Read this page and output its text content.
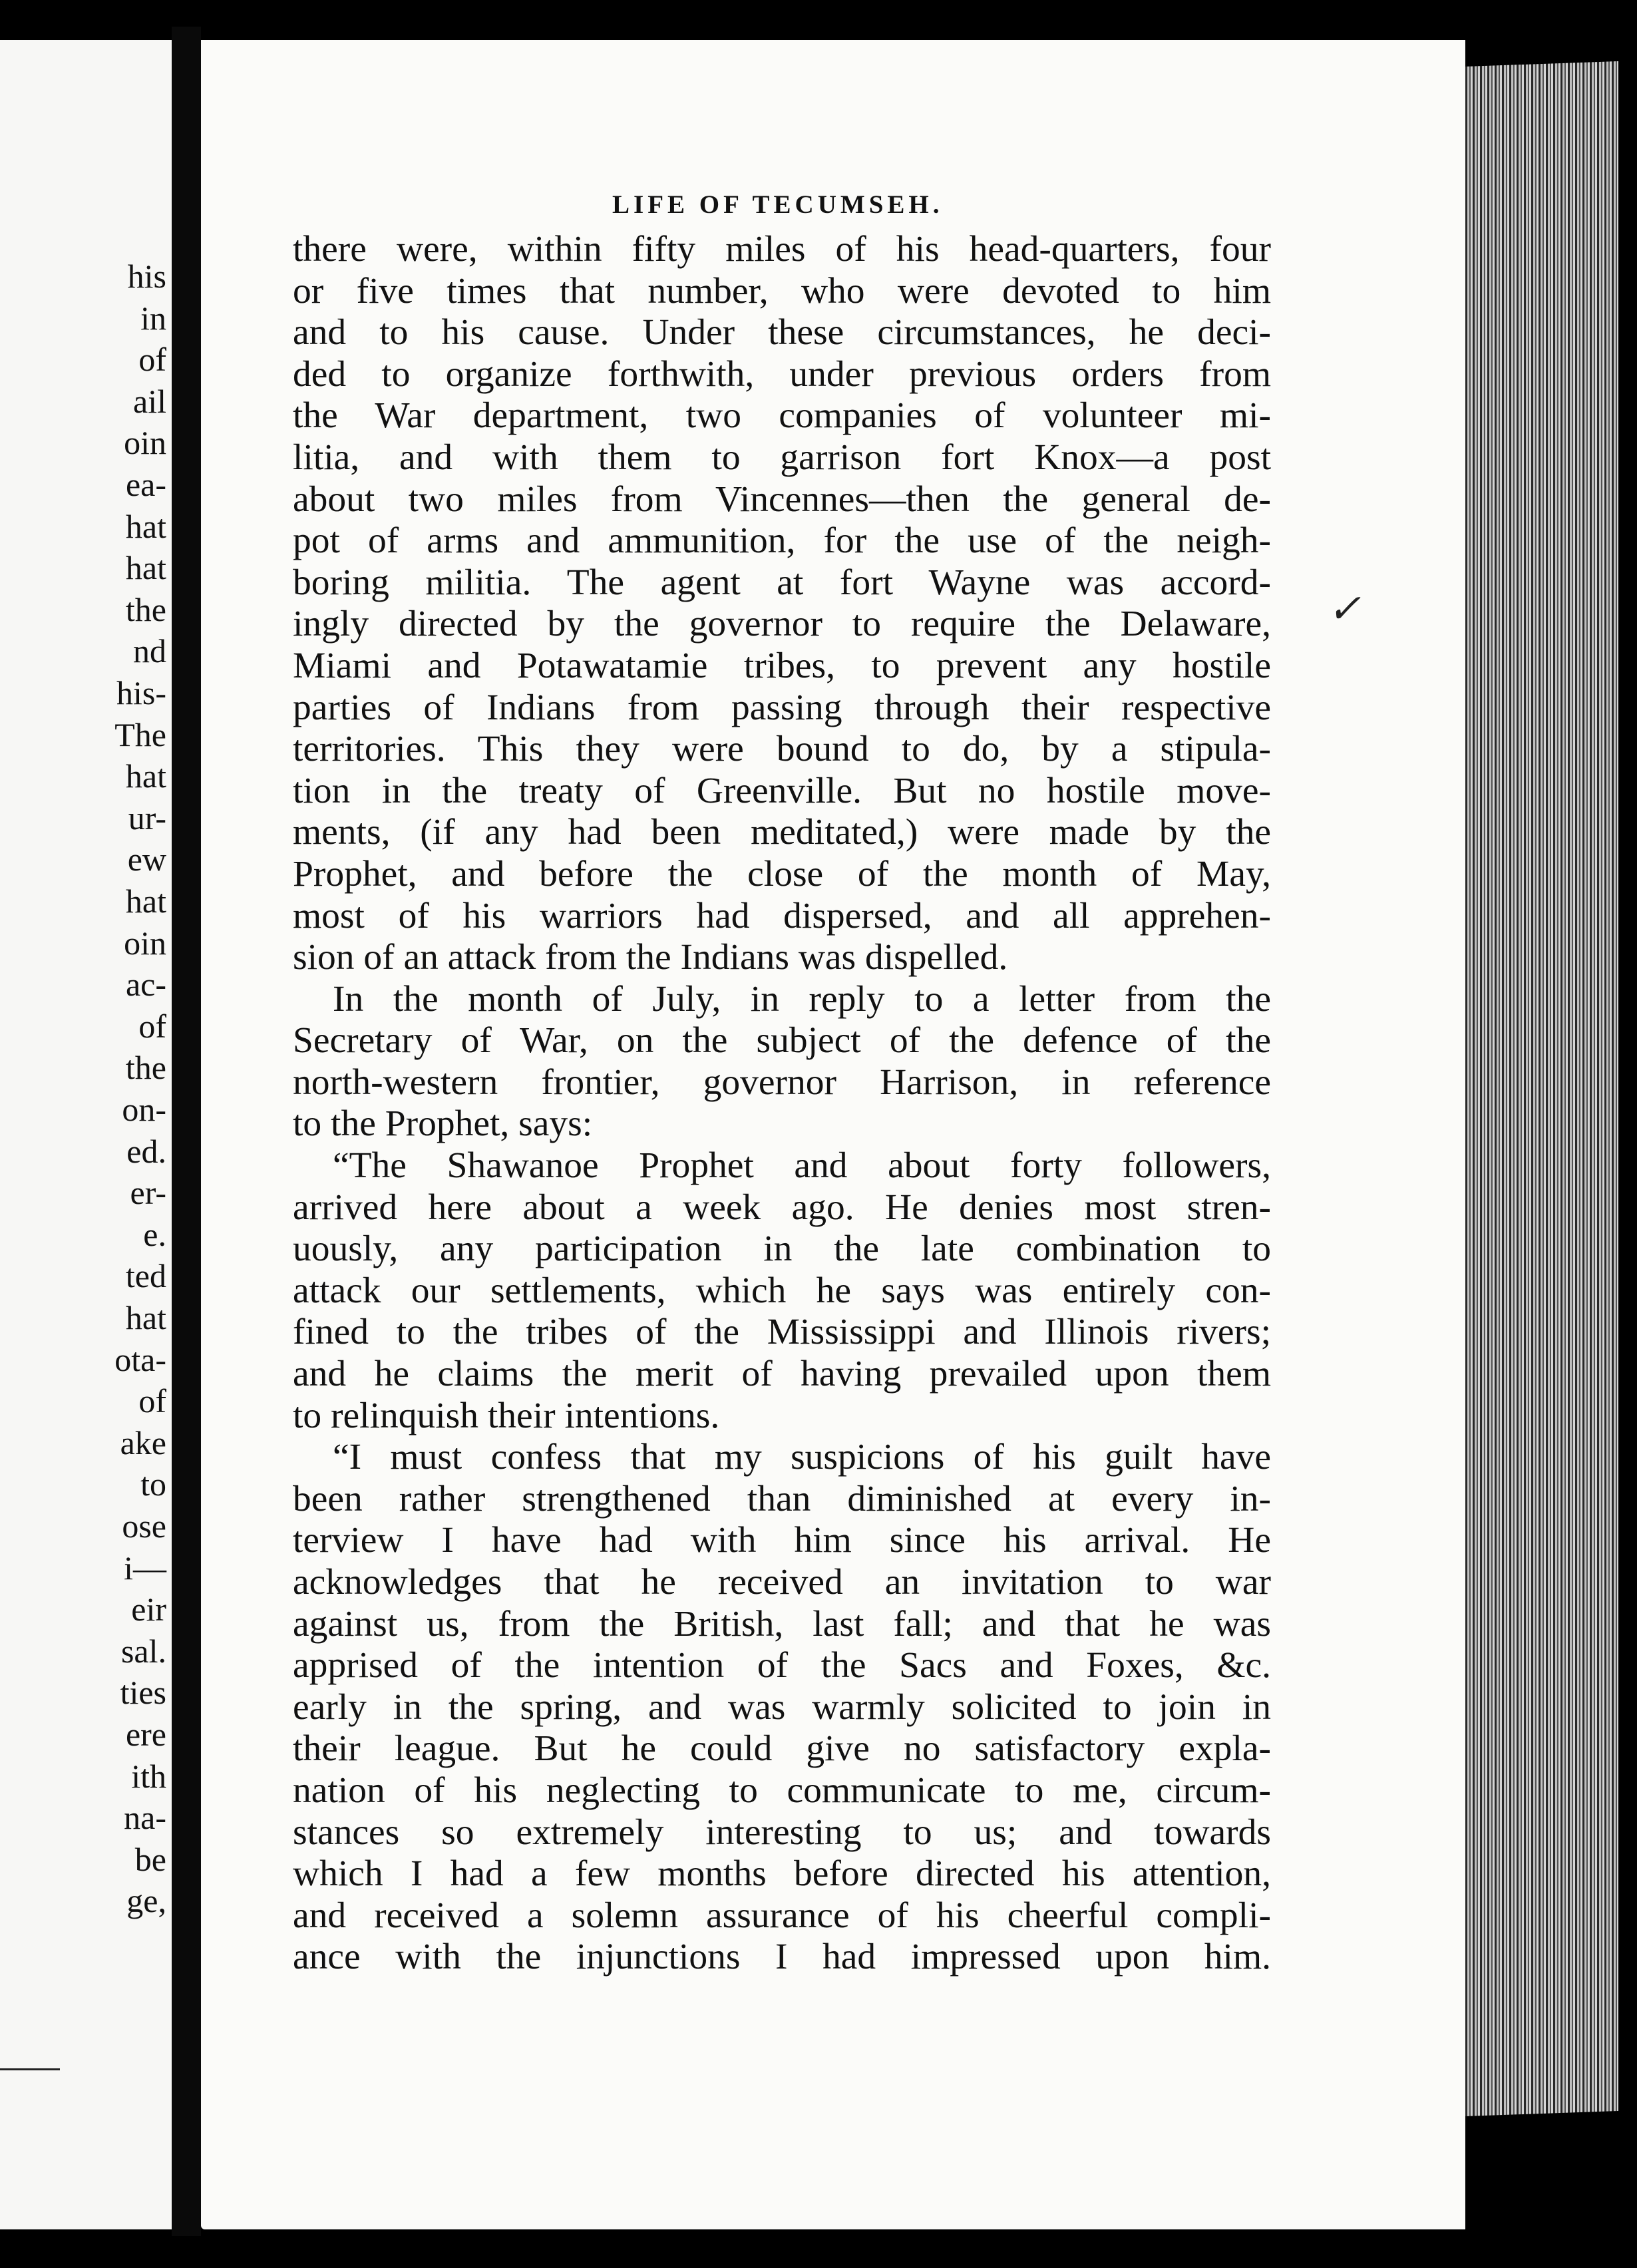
his
in
of
ail
oin
ea-
hat
hat
the
nd
his-
The
hat
ur-
ew
hat
oin
ac-
of
the
on-
ed.
er-
e.
ted
hat
ota-
of
ake
to
ose
i—
eir
sal.
ties
ere
ith
na-
be
ge,
LIFE OF TECUMSEH.
there were, within fifty miles of his head-quarters, four
or five times that number, who were devoted to him
and to his cause. Under these circumstances, he deci-
ded to organize forthwith, under previous orders from
the War department, two companies of volunteer mi-
litia, and with them to garrison fort Knox—a post
about two miles from Vincennes—then the general de-
pot of arms and ammunition, for the use of the neigh-
boring militia. The agent at fort Wayne was accord-
ingly directed by the governor to require the Delaware,
Miami and Potawatamie tribes, to prevent any hostile
parties of Indians from passing through their respective
territories. This they were bound to do, by a stipula-
tion in the treaty of Greenville. But no hostile move-
ments, (if any had been meditated,) were made by the
Prophet, and before the close of the month of May,
most of his warriors had dispersed, and all apprehen-
sion of an attack from the Indians was dispelled.
In the month of July, in reply to a letter from the
Secretary of War, on the subject of the defence of the
north-western frontier, governor Harrison, in reference
to the Prophet, says:
“The Shawanoe Prophet and about forty followers,
arrived here about a week ago. He denies most stren-
uously, any participation in the late combination to
attack our settlements, which he says was entirely con-
fined to the tribes of the Mississippi and Illinois rivers;
and he claims the merit of having prevailed upon them
to relinquish their intentions.
“I must confess that my suspicions of his guilt have
been rather strengthened than diminished at every in-
terview I have had with him since his arrival. He
acknowledges that he received an invitation to war
against us, from the British, last fall; and that he was
apprised of the intention of the Sacs and Foxes, &c.
early in the spring, and was warmly solicited to join in
their league. But he could give no satisfactory expla-
nation of his neglecting to communicate to me, circum-
stances so extremely interesting to us; and towards
which I had a few months before directed his attention,
and received a solemn assurance of his cheerful compli-
ance with the injunctions I had impressed upon him.
✓
